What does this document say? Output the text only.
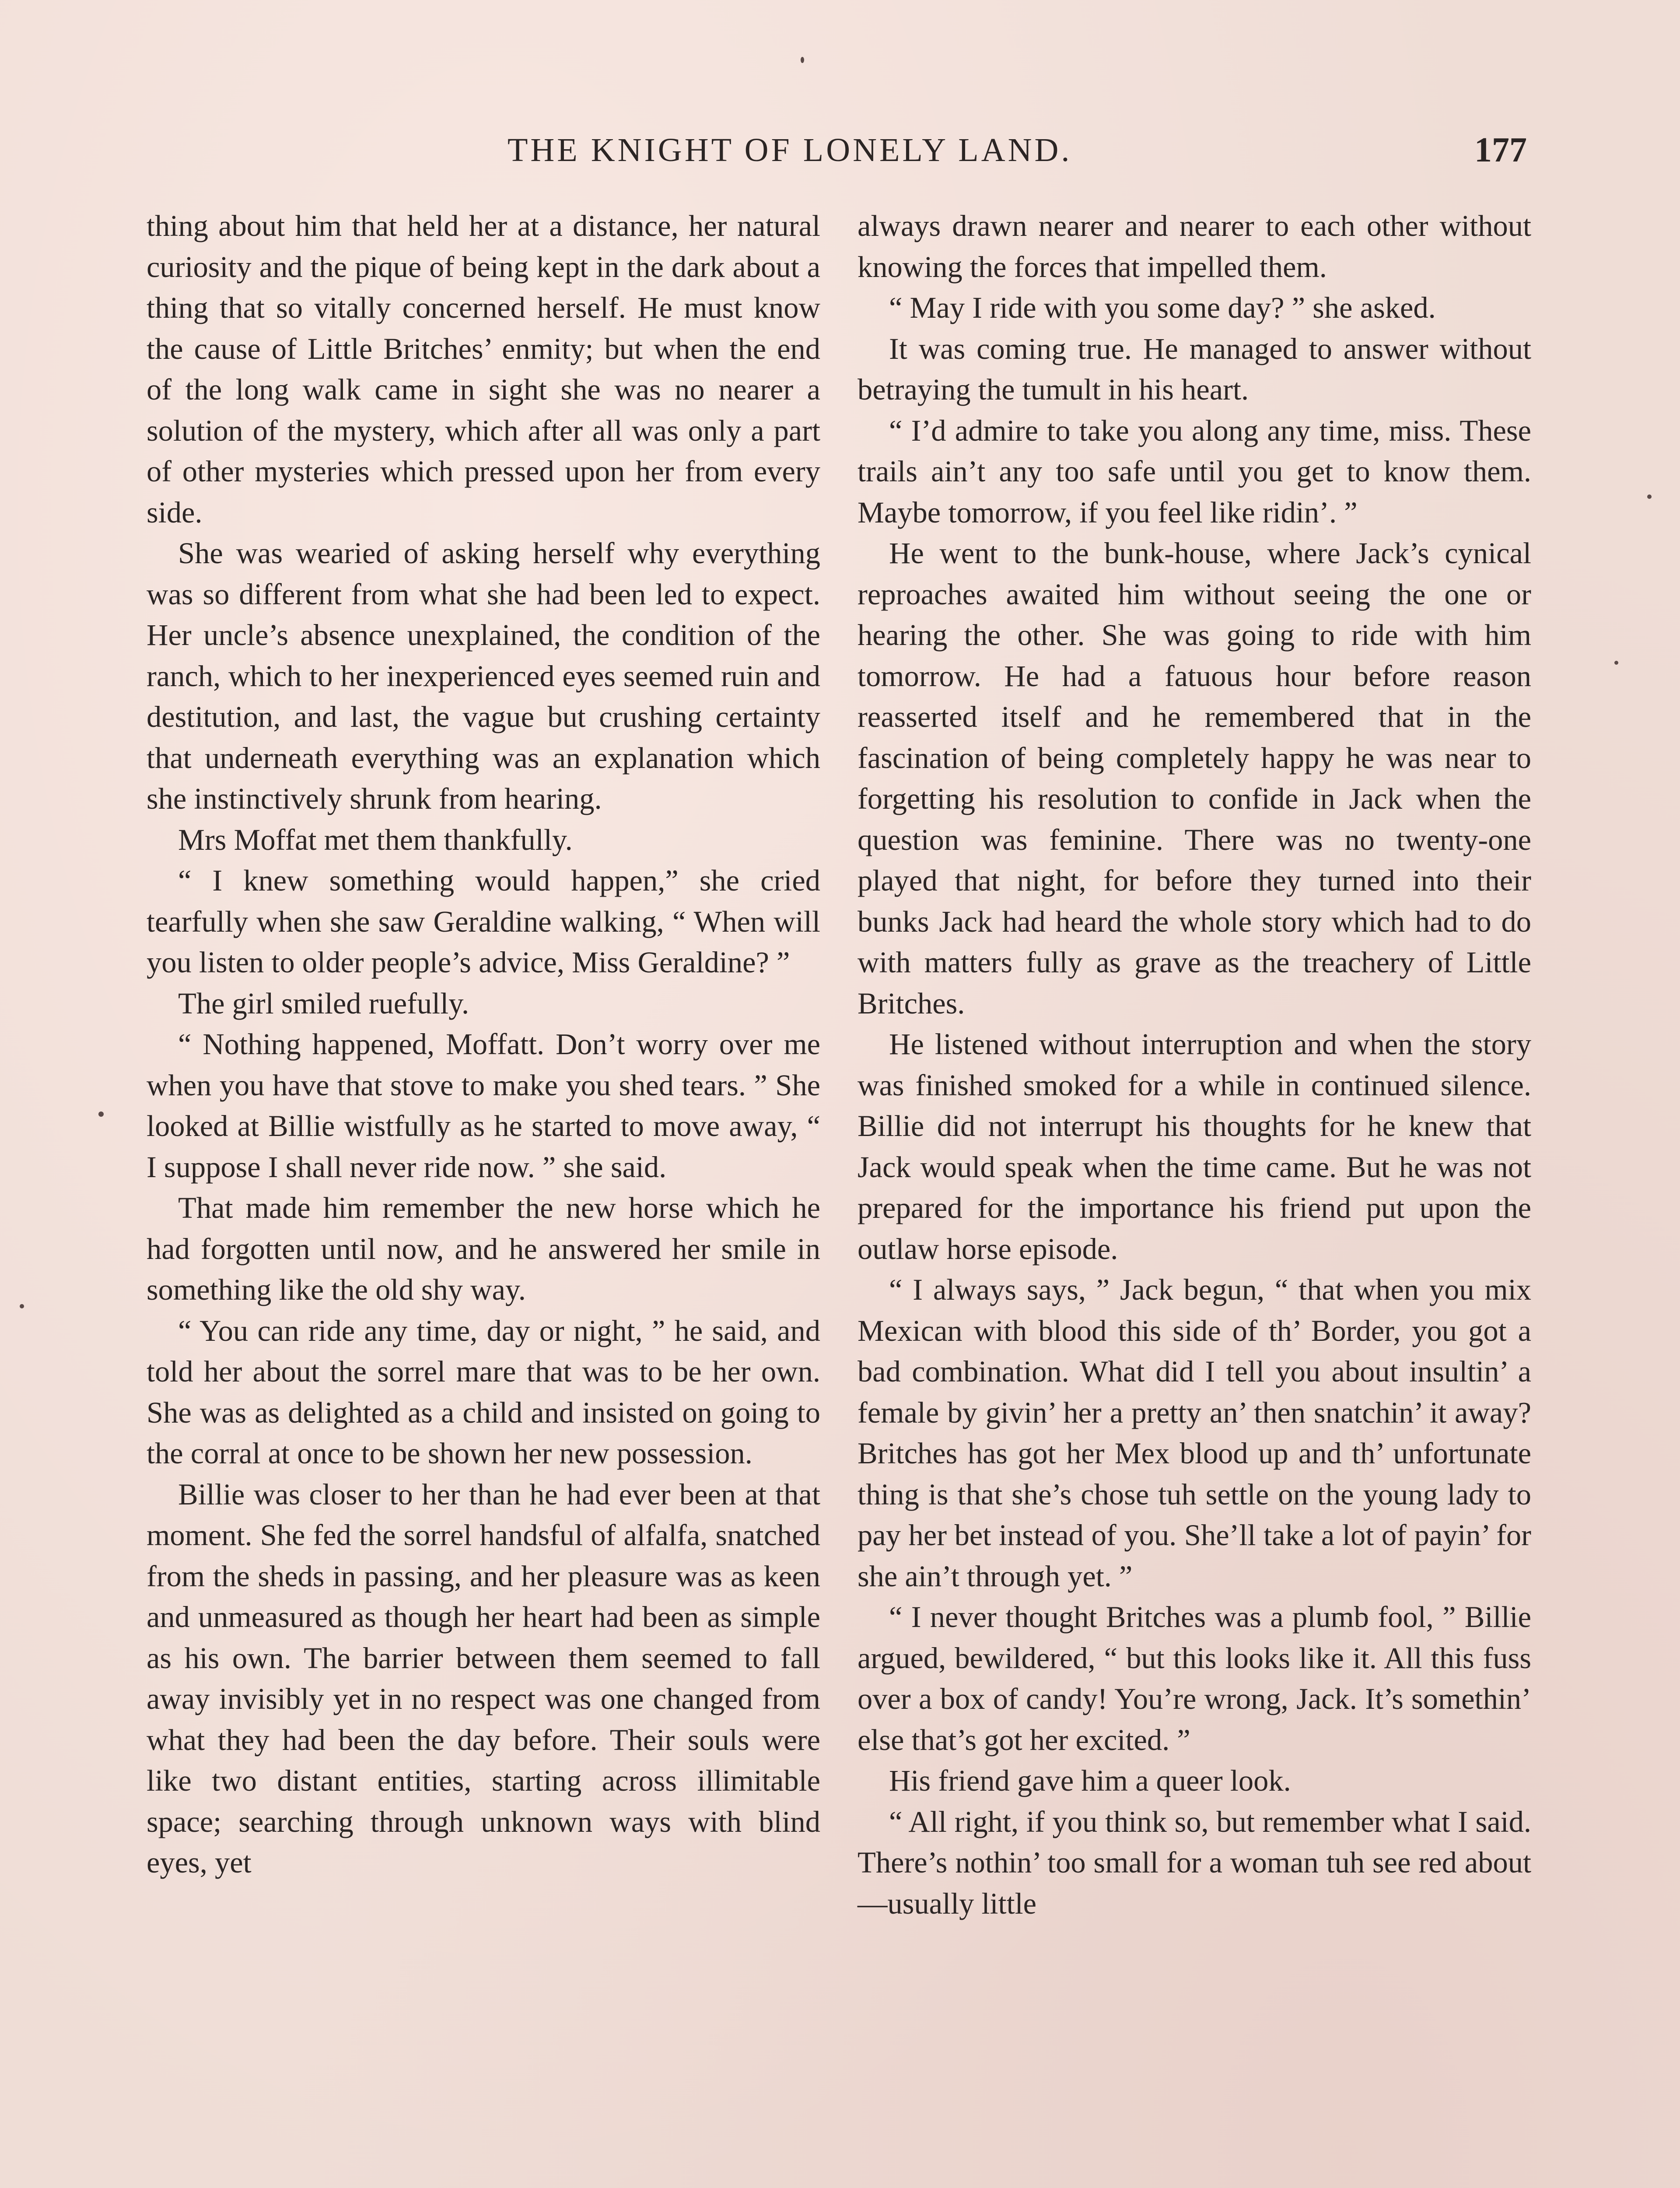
THE KNIGHT OF LONELY LAND.	177

thing about him that held her at a distance, her natural curiosity and the pique of being kept in the dark about a thing that so vitally concerned herself. He must know the cause of Little Britches’ enmity; but when the end of the long walk came in sight she was no nearer a solution of the mystery, which after all was only a part of other mysteries which pressed upon her from every side.

She was wearied of asking herself why everything was so different from what she had been led to expect. Her uncle’s absence unexplained, the condition of the ranch, which to her inexperienced eyes seemed ruin and destitution, and last, the vague but crushing certainty that underneath everything was an explanation which she instinctively shrunk from hearing.

Mrs Moffat met them thankfully.

“ I knew something would happen,” she cried tearfully when she saw Geraldine walking, “ When will you listen to older people’s advice, Miss Geraldine? ”

The girl smiled ruefully.

“ Nothing happened, Moffatt. Don’t worry over me when you have that stove to make you shed tears. ” She looked at Billie wistfully as he started to move away, “ I suppose I shall never ride now. ” she said.

That made him remember the new horse which he had forgotten until now, and he answered her smile in something like the old shy way.

“ You can ride any time, day or night, ” he said, and told her about the sorrel mare that was to be her own. She was as delighted as a child and insisted on going to the corral at once to be shown her new possession.

Billie was closer to her than he had ever been at that moment. She fed the sorrel handsful of alfalfa, snatched from the sheds in passing, and her pleasure was as keen and unmeasured as though her heart had been as simple as his own. The barrier between them seemed to fall away invisibly yet in no respect was one changed from what they had been the day before. Their souls were like two distant entities, starting across illimitable space; searching through unknown ways with blind eyes, yet

always drawn nearer and nearer to each other without knowing the forces that impelled them.

“ May I ride with you some day? ” she asked.

It was coming true. He managed to answer without betraying the tumult in his heart.

“ I’d admire to take you along any time, miss. These trails ain’t any too safe until you get to know them. Maybe tomorrow, if you feel like ridin’. ”

He went to the bunk-house, where Jack’s cynical reproaches awaited him without seeing the one or hearing the other. She was going to ride with him tomorrow. He had a fatuous hour before reason reasserted itself and he remembered that in the fascination of being completely happy he was near to forgetting his resolution to confide in Jack when the question was feminine. There was no twenty-one played that night, for before they turned into their bunks Jack had heard the whole story which had to do with matters fully as grave as the treachery of Little Britches.

He listened without interruption and when the story was finished smoked for a while in continued silence. Billie did not interrupt his thoughts for he knew that Jack would speak when the time came. But he was not prepared for the importance his friend put upon the outlaw horse episode.

“ I always says, ” Jack begun, “ that when you mix Mexican with blood this side of th’ Border, you got a bad combination. What did I tell you about insultin’ a female by givin’ her a pretty an’ then snatchin’ it away? Britches has got her Mex blood up and th’ unfortunate thing is that she’s chose tuh settle on the young lady to pay her bet instead of you. She’ll take a lot of payin’ for she ain’t through yet. ”

“ I never thought Britches was a plumb fool, ” Billie argued, bewildered, “ but this looks like it. All this fuss over a box of candy! You’re wrong, Jack. It’s somethin’ else that’s got her excited. ”

His friend gave him a queer look.

“ All right, if you think so, but remember what I said. There’s nothin’ too small for a woman tuh see red about—usually little
